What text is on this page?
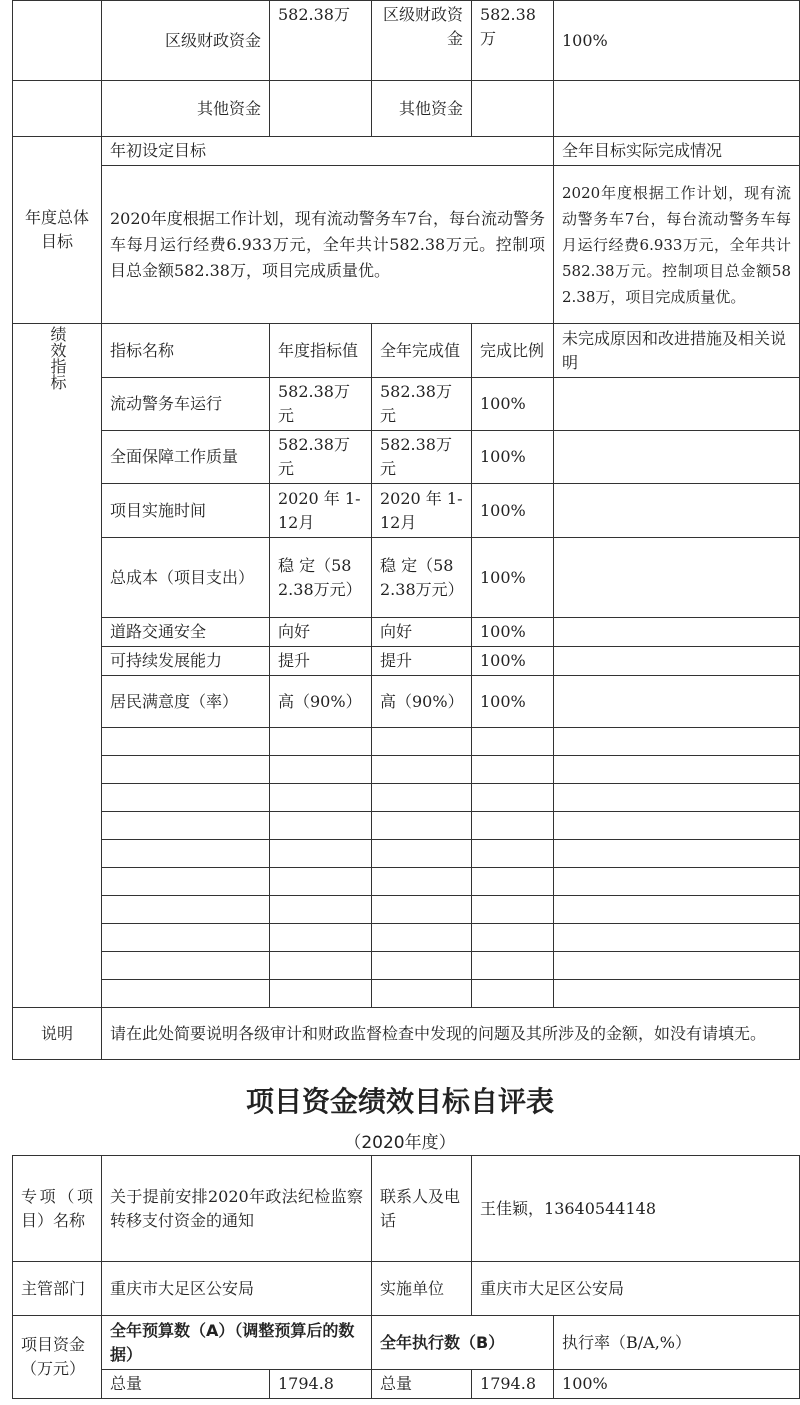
	区级财政资金	582.38万	区级财政资金	582.38万	100%
	其他资金		其他资金		
年度总体目标	年初设定目标				全年目标实际完成情况
	2020年度根据工作计划，现有流动警务车7台，每台流动警务车每月运行经费6.933万元，全年共计582.38万元。控制项目总金额582.38万，项目完成质量优。				2020年度根据工作计划，现有流动警务车7台，每台流动警务车每月运行经费6.933万元，全年共计582.38万元。控制项目总金额582.38万，项目完成质量优。
绩效指标	指标名称	年度指标值	全年完成值	完成比例	未完成原因和改进措施及相关说明
	流动警务车运行	582.38万元	582.38万元	100%	
	全面保障工作质量	582.38万元	582.38万元	100%	
	项目实施时间	2020 年 1-12月	2020 年 1-12月	100%	
	总成本（项目支出）	稳 定（582.38万元）	稳 定（582.38万元）	100%	
	道路交通安全	向好	向好	100%	
	可持续发展能力	提升	提升	100%	
	居民满意度（率）	高（90%）	高（90%）	100%	

说明	请在此处简要说明各级审计和财政监督检查中发现的问题及其所涉及的金额，如没有请填无。				
项目资金绩效目标自评表
（2020年度）
专项（项目）名称	关于提前安排2020年政法纪检监察转移支付资金的通知		联系人及电话	王佳颖，13640544148	
主管部门	重庆市大足区公安局		实施单位	重庆市大足区公安局	
项目资金（万元）	全年预算数（A）（调整预算后的数据）		全年执行数（B）		执行率（B/A,%）
	总量	1794.8	总量	1794.8	100%
